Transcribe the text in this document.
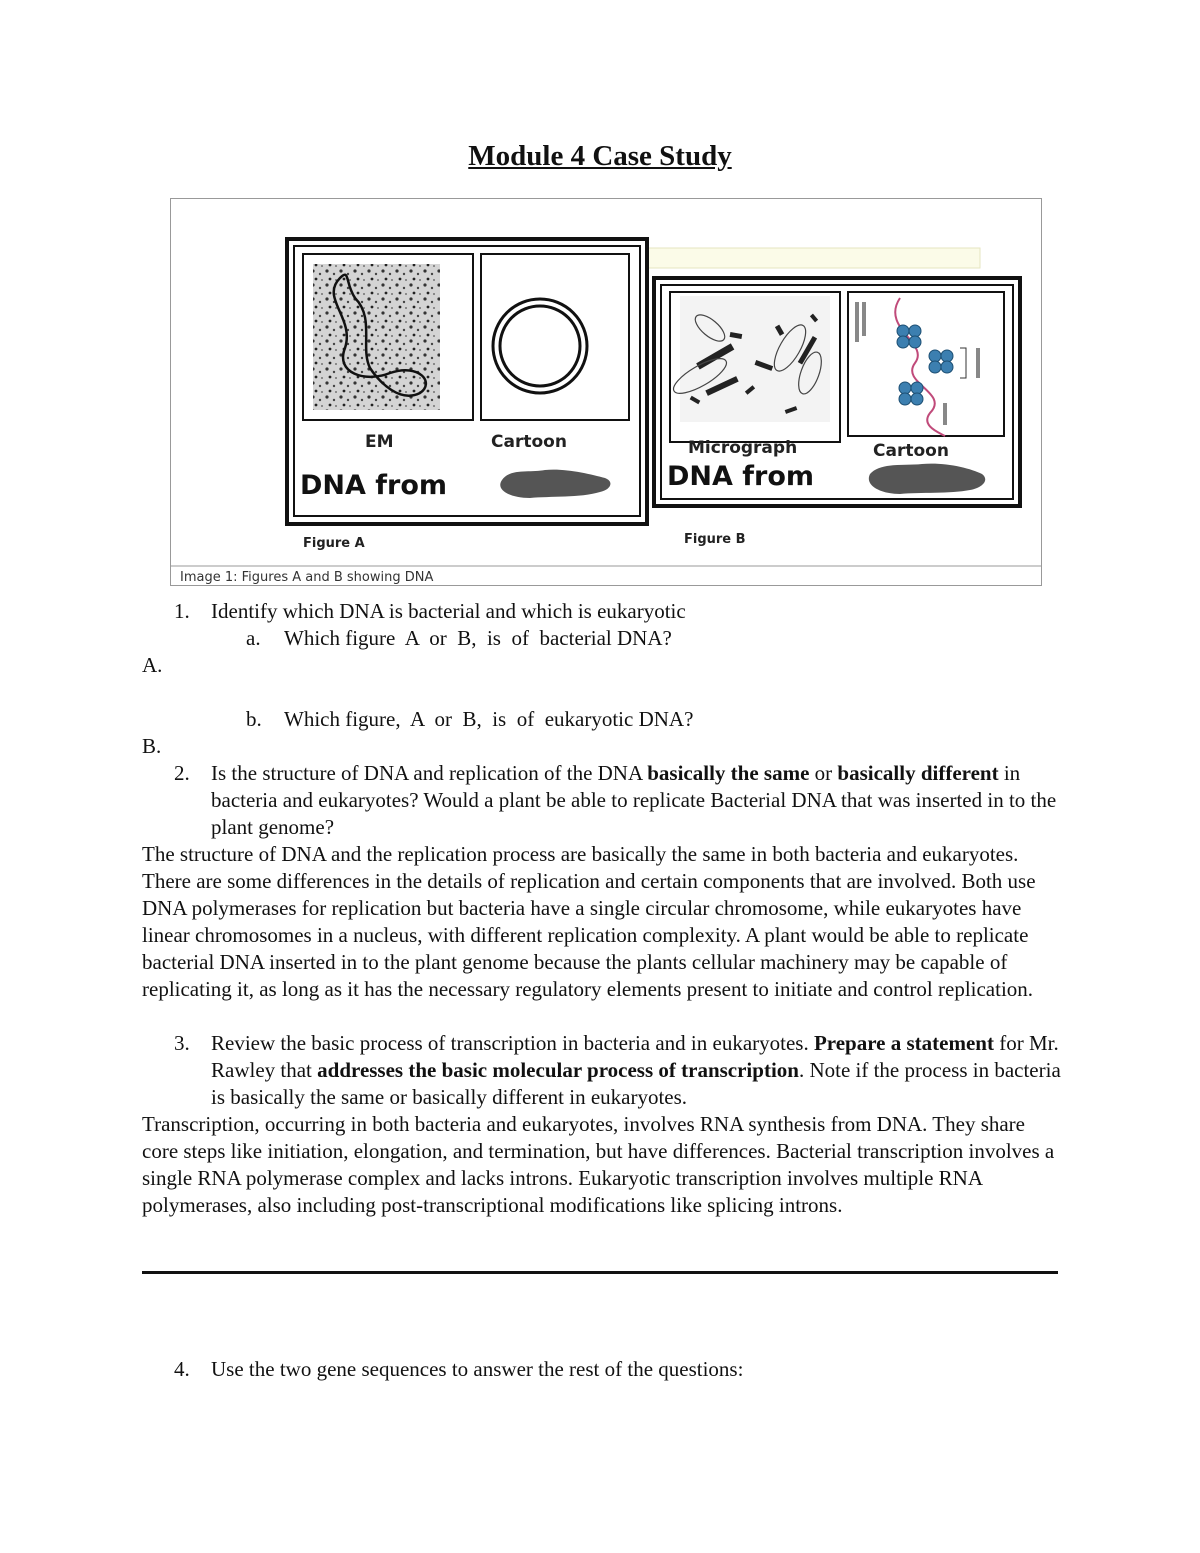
Module 4 Case Study
EM	Cartoon
DNA from
Micrograph	Cartoon
DNA from
Figure A	Figure B
Image 1: Figures A and B showing DNA
1. Identify which DNA is bacterial and which is eukaryotic
a. Which figure  A  or  B,  is  of  bacterial DNA?
A.
b. Which figure,  A  or  B,  is  of  eukaryotic DNA?
B.
2. Is the structure of DNA and replication of the DNA basically the same or basically different in bacteria and eukaryotes? Would a plant be able to replicate Bacterial DNA that was inserted in to the plant genome?
The structure of DNA and the replication process are basically the same in both bacteria and eukaryotes. There are some differences in the details of replication and certain components that are involved. Both use DNA polymerases for replication but bacteria have a single circular chromosome, while eukaryotes have linear chromosomes in a nucleus, with different replication complexity. A plant would be able to replicate bacterial DNA inserted in to the plant genome because the plants cellular machinery may be capable of replicating it, as long as it has the necessary regulatory elements present to initiate and control replication.
3. Review the basic process of transcription in bacteria and in eukaryotes. Prepare a statement for Mr. Rawley that addresses the basic molecular process of transcription. Note if the process in bacteria is basically the same or basically different in eukaryotes.
Transcription, occurring in both bacteria and eukaryotes, involves RNA synthesis from DNA. They share core steps like initiation, elongation, and termination, but have differences. Bacterial transcription involves a single RNA polymerase complex and lacks introns. Eukaryotic transcription involves multiple RNA polymerases, also including post-transcriptional modifications like splicing introns.
4. Use the two gene sequences to answer the rest of the questions:
